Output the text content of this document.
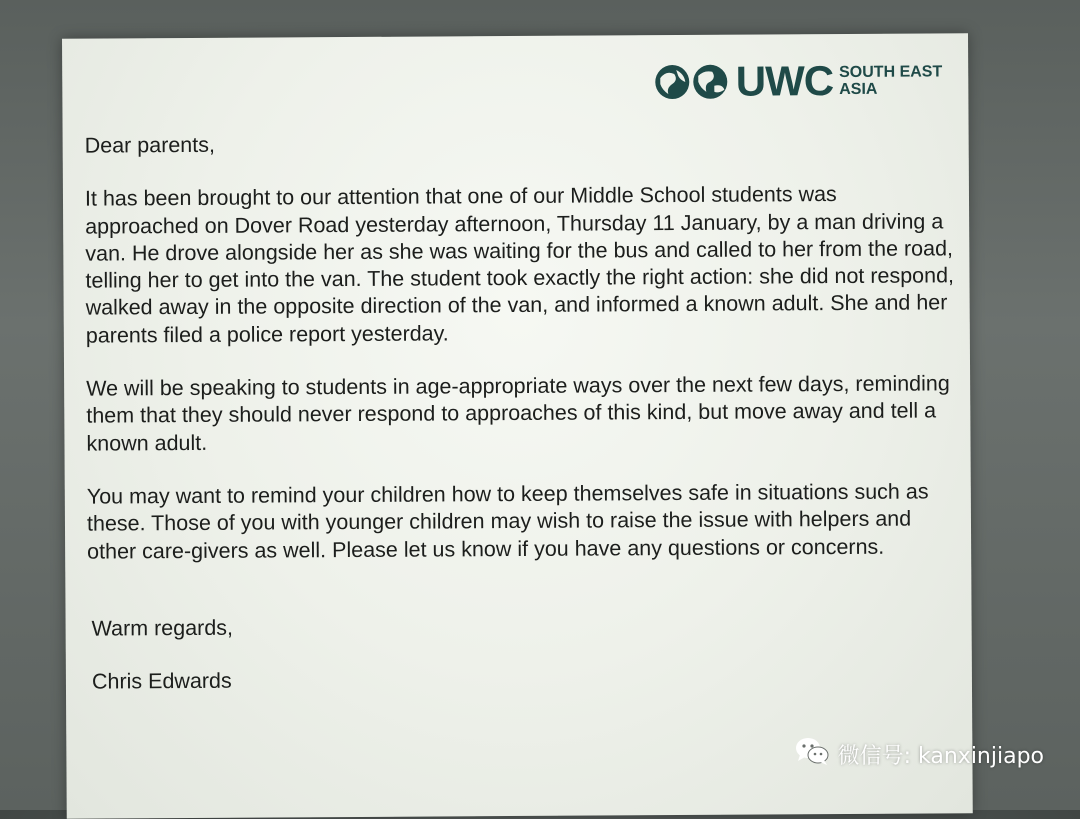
UWC SOUTH EAST
ASIA

Dear parents,

It has been brought to our attention that one of our Middle School students was approached on Dover Road yesterday afternoon, Thursday 11 January, by a man driving a van. He drove alongside her as she was waiting for the bus and called to her from the road, telling her to get into the van. The student took exactly the right action: she did not respond, walked away in the opposite direction of the van, and informed a known adult. She and her parents filed a police report yesterday.

We will be speaking to students in age-appropriate ways over the next few days, reminding them that they should never respond to approaches of this kind, but move away and tell a known adult.

You may want to remind your children how to keep themselves safe in situations such as these. Those of you with younger children may wish to raise the issue with helpers and other care-givers as well. Please let us know if you have any questions or concerns.

Warm regards,

Chris Edwards

微信号: kanxinjiapo
